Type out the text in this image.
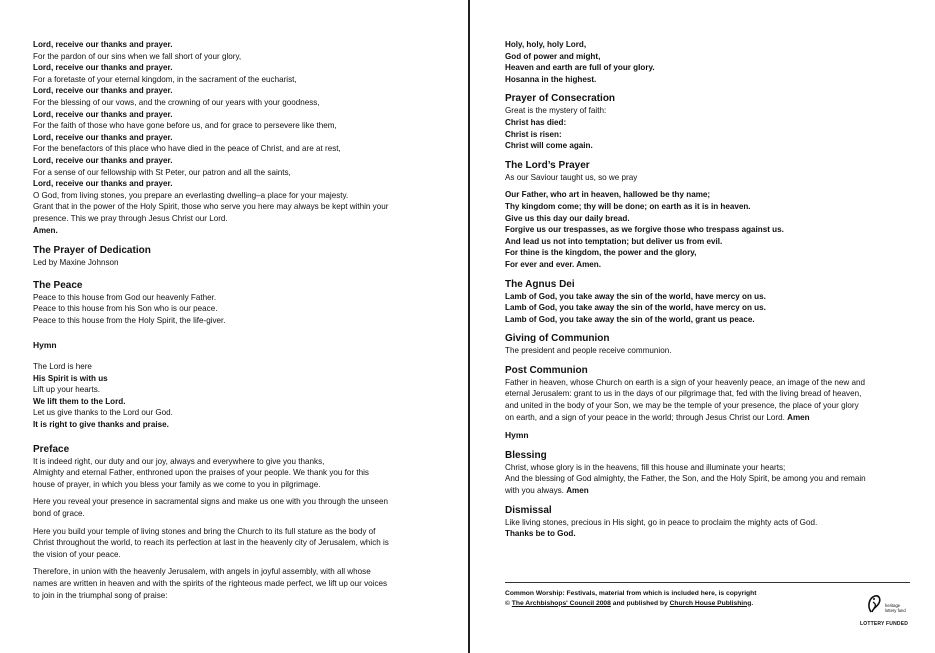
Lord, receive our thanks and prayer.
For the pardon of our sins when we fall short of your glory,
Lord, receive our thanks and prayer.
For a foretaste of your eternal kingdom, in the sacrament of the eucharist,
Lord, receive our thanks and prayer.
For the blessing of our vows, and the crowning of our years with your goodness,
Lord, receive our thanks and prayer.
For the faith of those who have gone before us, and for grace to persevere like them,
Lord, receive our thanks and prayer.
For the benefactors of this place who have died in the peace of Christ, and are at rest,
Lord, receive our thanks and prayer.
For a sense of our fellowship with St Peter, our patron and all the saints,
Lord, receive our thanks and prayer.
O God, from living stones, you prepare an everlasting dwelling–a place for your majesty.
Grant that in the power of the Holy Spirit, those who serve you here may always be kept within your
presence. This we pray through Jesus Christ our Lord.
Amen.
The Prayer of Dedication
Led by Maxine Johnson
The Peace
Peace to this house from God our heavenly Father.
Peace to this house from his Son who is our peace.
Peace to this house from the Holy Spirit, the life-giver.
Hymn
The Lord is here
His Spirit is with us
Lift up your hearts.
We lift them to the Lord.
Let us give thanks to the Lord our God.
It is right to give thanks and praise.
Preface
It is indeed right, our duty and our joy, always and everywhere to give you thanks,
Almighty and eternal Father, enthroned upon the praises of your people. We thank you for this
house of prayer, in which you bless your family as we come to you in pilgrimage.
Here you reveal your presence in sacramental signs and make us one with you through the unseen
bond of grace.
Here you build your temple of living stones and bring the Church to its full stature as the body of
Christ throughout the world, to reach its perfection at last in the heavenly city of Jerusalem, which is
the vision of your peace.
Therefore, in union with the heavenly Jerusalem, with angels in joyful assembly, with all whose
names are written in heaven and with the spirits of the righteous made perfect, we lift up our voices
to join in the triumphal song of praise:
Holy, holy, holy Lord,
God of power and might,
Heaven and earth are full of your glory.
Hosanna in the highest.
Prayer of Consecration
Great is the mystery of faith:
Christ has died:
Christ is risen:
Christ will come again.
The Lord’s Prayer
As our Saviour taught us, so we pray
Our Father, who art in heaven, hallowed be thy name;
Thy kingdom come; thy will be done; on earth as it is in heaven.
Give us this day our daily bread.
Forgive us our trespasses, as we forgive those who trespass against us.
And lead us not into temptation; but deliver us from evil.
For thine is the kingdom, the power and the glory,
For ever and ever. Amen.
The Agnus Dei
Lamb of God, you take away the sin of the world, have mercy on us.
Lamb of God, you take away the sin of the world, have mercy on us.
Lamb of God, you take away the sin of the world, grant us peace.
Giving of Communion
The president and people receive communion.
Post Communion
Father in heaven, whose Church on earth is a sign of your heavenly peace, an image of the new and
eternal Jerusalem: grant to us in the days of our pilgrimage that, fed with the living bread of heaven,
and united in the body of your Son, we may be the temple of your presence, the place of your glory
on earth, and a sign of your peace in the world; through Jesus Christ our Lord. Amen
Hymn
Blessing
Christ, whose glory is in the heavens, fill this house and illuminate your hearts;
And the blessing of God almighty, the Father, the Son, and the Holy Spirit, be among you and remain
with you always. Amen
Dismissal
Like living stones, precious in His sight, go in peace to proclaim the mighty acts of God.
Thanks be to God.
Common Worship: Festivals, material from which is included here, is copyright
© The Archbishops' Council 2008 and published by Church House Publishing.	heritage
lottery fund
LOTTERY FUNDED
